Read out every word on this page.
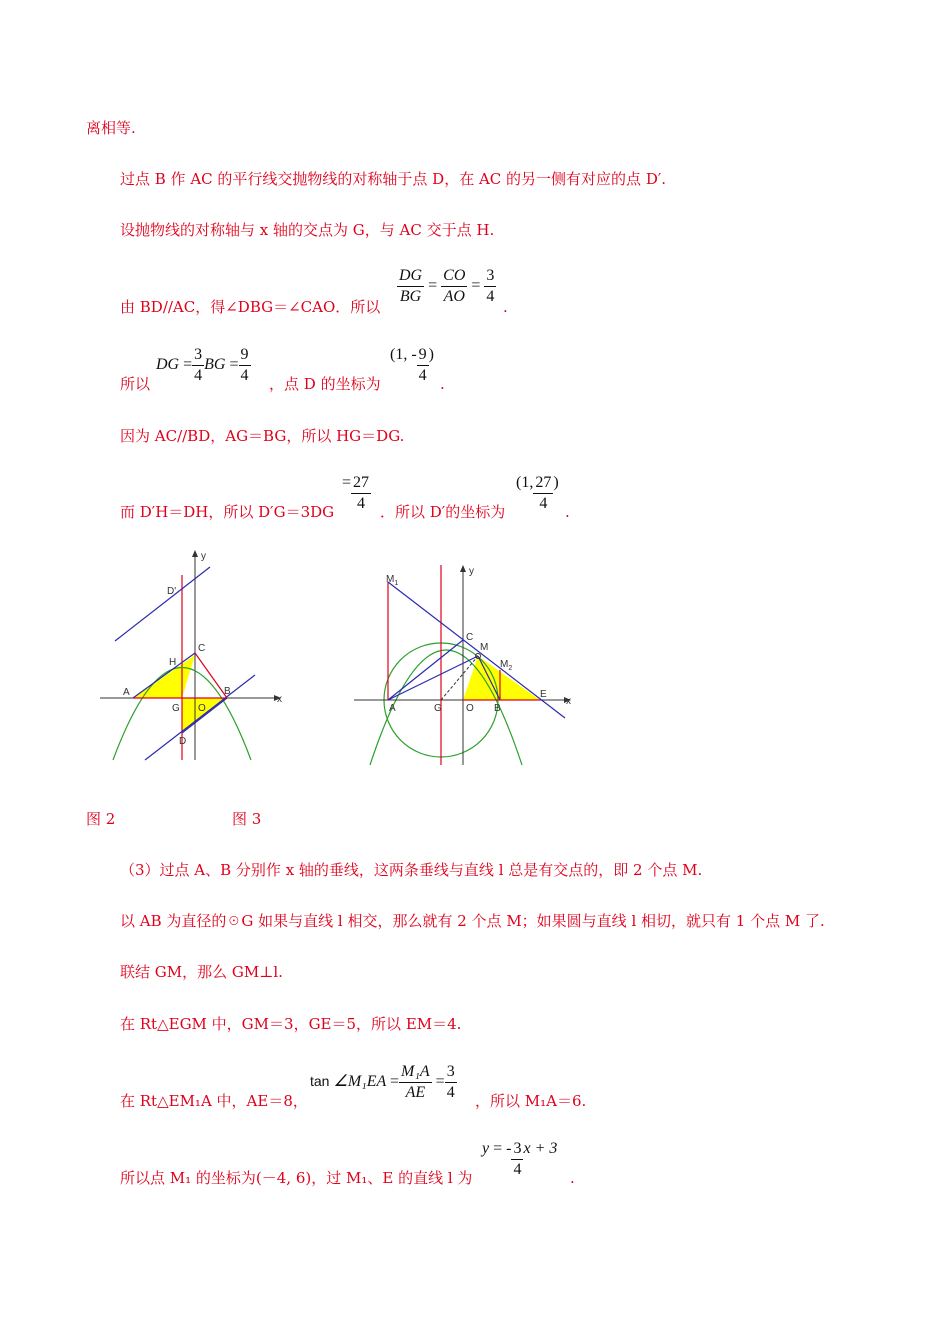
离相等.
过点 B 作 AC 的平行线交抛物线的对称轴于点 D，在 AC 的另一侧有对应的点 D′.
设抛物线的对称轴与 x 轴的交点为 G，与 AC 交于点 H.
由 BD//AC，得∠DBG＝∠CAO．所以 $\frac{DG}{BG} = \frac{CO}{AO} = \frac{3}{4}$ .
所以
DG = $\frac{3}{4}$ BG = $\frac{9}{4}$ ，点 D 的坐标为
(1, - $\frac{9}{4}$ )
.
因为 AC//BD，AG＝BG，所以 HG＝DG.
而 D′H＝DH，所以 D′G＝3DG
= $\frac{27}{4}$ ．所以 D′的坐标为
(1, $\frac{27}{4}$ )
.
y
x
D'
C
H
A	B
G O
D
$M_1$
y
x
C
M
$M_2$
A	G O B
E
图 2	图 3
（3）过点 A、B 分别作 x 轴的垂线，这两条垂线与直线 l 总是有交点的，即 2 个点 M.
以 AB 为直径的☉G 如果与直线 l 相交，那么就有 2 个点 M；如果圆与直线 l 相切，就只有 1 个点 M 了.
联结 GM，那么 GM⊥l.
在 Rt△EGM 中，GM＝3，GE＝5，所以 EM＝4.
在 Rt△EM₁A 中，AE＝8，
tan ∠M₁EA = $\frac{\text{M₁A}}{AE} = \frac{3}{4}$ ，所以 M₁A＝6.
所以点 M₁ 的坐标为(－4, 6)，过 M₁、E 的直线 l 为
y = - $\frac{3}{4}$ x + 3
.
